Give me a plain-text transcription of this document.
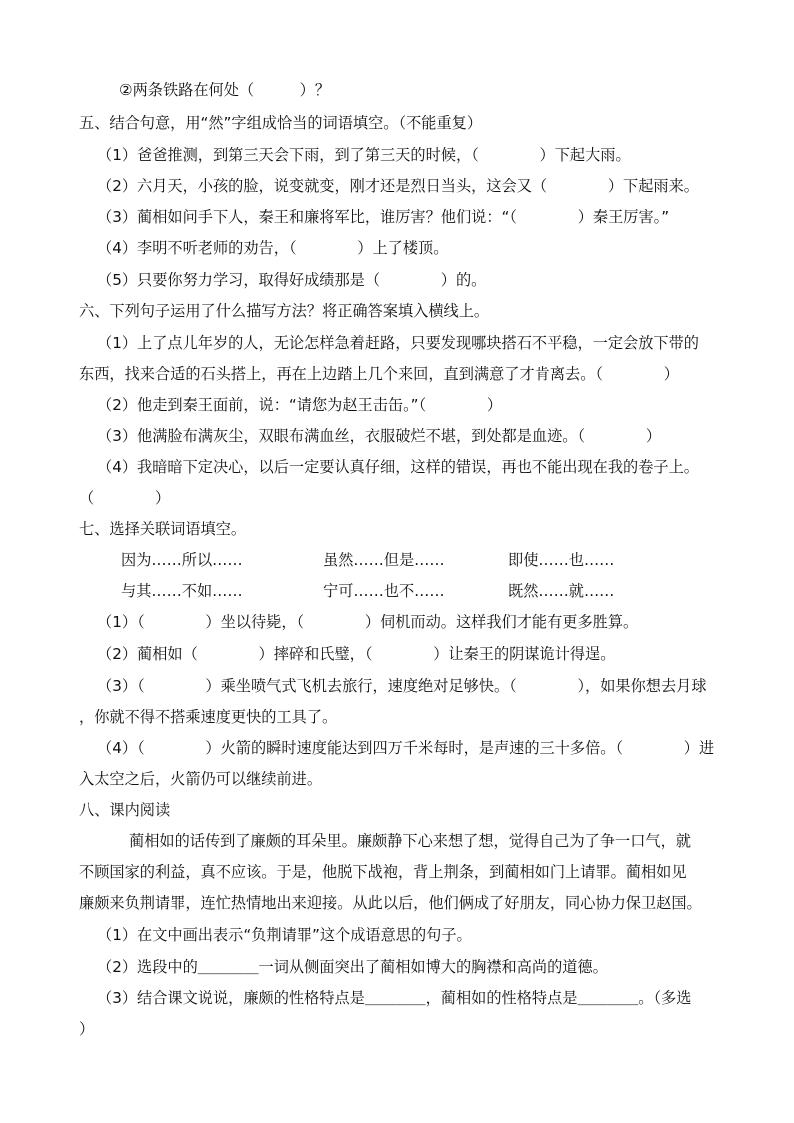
②两条铁路在何处（　　　）？
五、结合句意，用“然”字组成恰当的词语填空。（不能重复）
（1）爸爸推测，到第三天会下雨，到了第三天的时候，（　　　　）下起大雨。
（2）六月天，小孩的脸，说变就变，刚才还是烈日当头，这会又（　　　　）下起雨来。
（3）蔺相如问手下人，秦王和廉将军比，谁厉害？他们说：“（　　　　）秦王厉害。”
（4）李明不听老师的劝告，（　　　　）上了楼顶。
（5）只要你努力学习，取得好成绩那是（　　　　）的。
六、下列句子运用了什么描写方法？将正确答案填入横线上。
（1）上了点儿年岁的人，无论怎样急着赶路，只要发现哪块搭石不平稳，一定会放下带的
东西，找来合适的石头搭上，再在上边踏上几个来回，直到满意了才肯离去。（　　　　）
（2）他走到秦王面前，说：“请您为赵王击缶。”（　　　　）
（3）他满脸布满灰尘，双眼布满血丝，衣服破烂不堪，到处都是血迹。（　　　　）
（4）我暗暗下定决心，以后一定要认真仔细，这样的错误，再也不能出现在我的卷子上。
（　　　　）
七、选择关联词语填空。
因为……所以……	虽然……但是……	即使……也……
与其……不如……	宁可……也不……	既然……就……
（1）（　　　　）坐以待毙，（　　　　）伺机而动。这样我们才能有更多胜算。
（2）蔺相如（　　　　）摔碎和氏璧，（　　　　）让秦王的阴谋诡计得逞。
（3）（　　　　）乘坐喷气式飞机去旅行，速度绝对足够快。（　　　　），如果你想去月球
，你就不得不搭乘速度更快的工具了。
（4）（　　　　）火箭的瞬时速度能达到四万千米每时，是声速的三十多倍。（　　　　）进
入太空之后，火箭仍可以继续前进。
八、课内阅读
蔺相如的话传到了廉颇的耳朵里。廉颇静下心来想了想，觉得自己为了争一口气，就
不顾国家的利益，真不应该。于是，他脱下战袍，背上荆条，到蔺相如门上请罪。蔺相如见
廉颇来负荆请罪，连忙热情地出来迎接。从此以后，他们俩成了好朋友，同心协力保卫赵国。
（1）在文中画出表示“负荆请罪”这个成语意思的句子。
（2）选段中的＿＿＿＿一词从侧面突出了蔺相如博大的胸襟和高尚的道德。
（3）结合课文说说，廉颇的性格特点是＿＿＿＿，蔺相如的性格特点是＿＿＿＿。（多选
）
